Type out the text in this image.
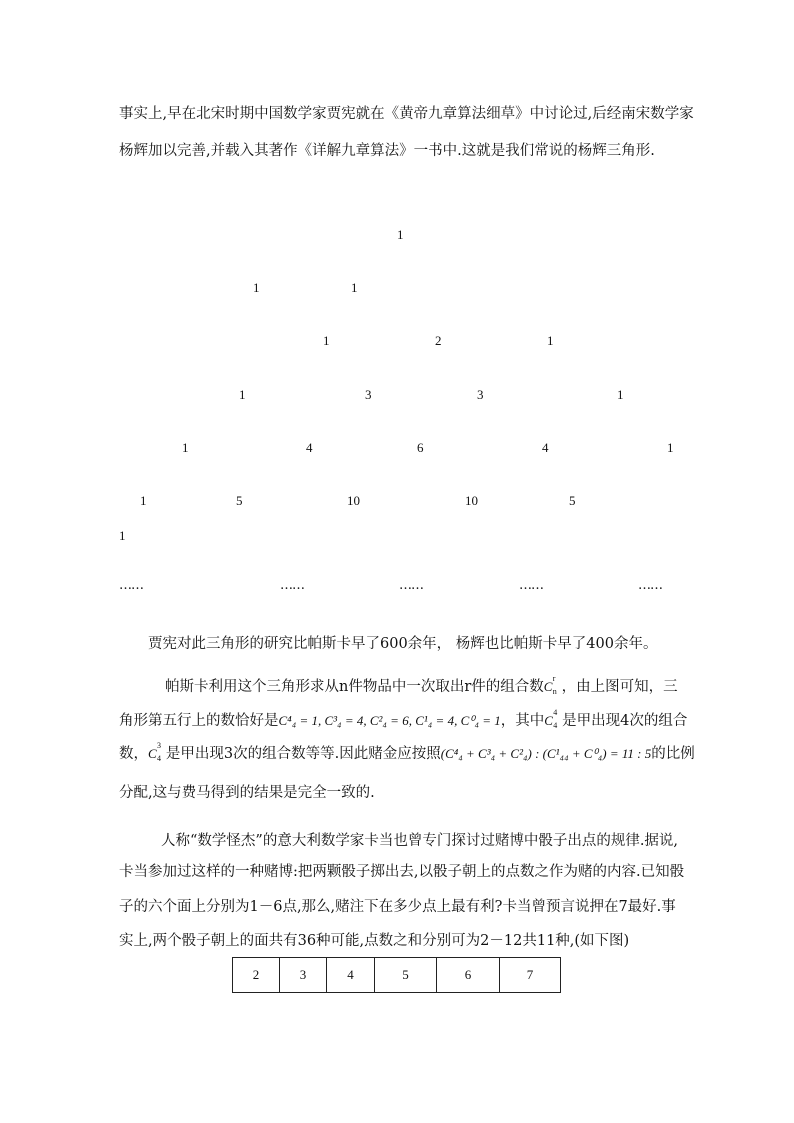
事实上,早在北宋时期中国数学家贾宪就在《黄帝九章算法细草》中讨论过,后经南宋数学家
杨辉加以完善,并载入其著作《详解九章算法》一书中.这就是我们常说的杨辉三角形.
1
1	1
1	2	1
1	3	3	1
1	4	6	4	1
1	5	10	10	5
1
……	……	……	……	……
贾宪对此三角形的研究比帕斯卡早了600余年， 杨辉也比帕斯卡早了400余年。
帕斯卡利用这个三角形求从n件物品中一次取出r件的组合数C
r
n ，由上图可知，三
角形第五行上的数恰好是C⁴₄ = 1, C³₄ = 4, C²₄ = 6, C¹₄ = 4, C⁰₄ = 1，其中C
4
4 是甲出现4次的组合
数，C
3
4 是甲出现3次的组合数等等.因此赌金应按照(C⁴₄ + C³₄ + C²₄) : (C¹₄₄ + C⁰₄) = 11 : 5的比例
分配,这与费马得到的结果是完全一致的.
人称“数学怪杰”的意大利数学家卡当也曾专门探讨过赌博中骰子出点的规律.据说,
卡当参加过这样的一种赌博:把两颗骰子掷出去,以骰子朝上的点数之作为赌的内容.已知骰
子的六个面上分别为1－6点,那么,赌注下在多少点上最有利?卡当曾预言说押在7最好.事
实上,两个骰子朝上的面共有36种可能,点数之和分别可为2－12共11种,(如下图)
2	3	4	5	6	7
